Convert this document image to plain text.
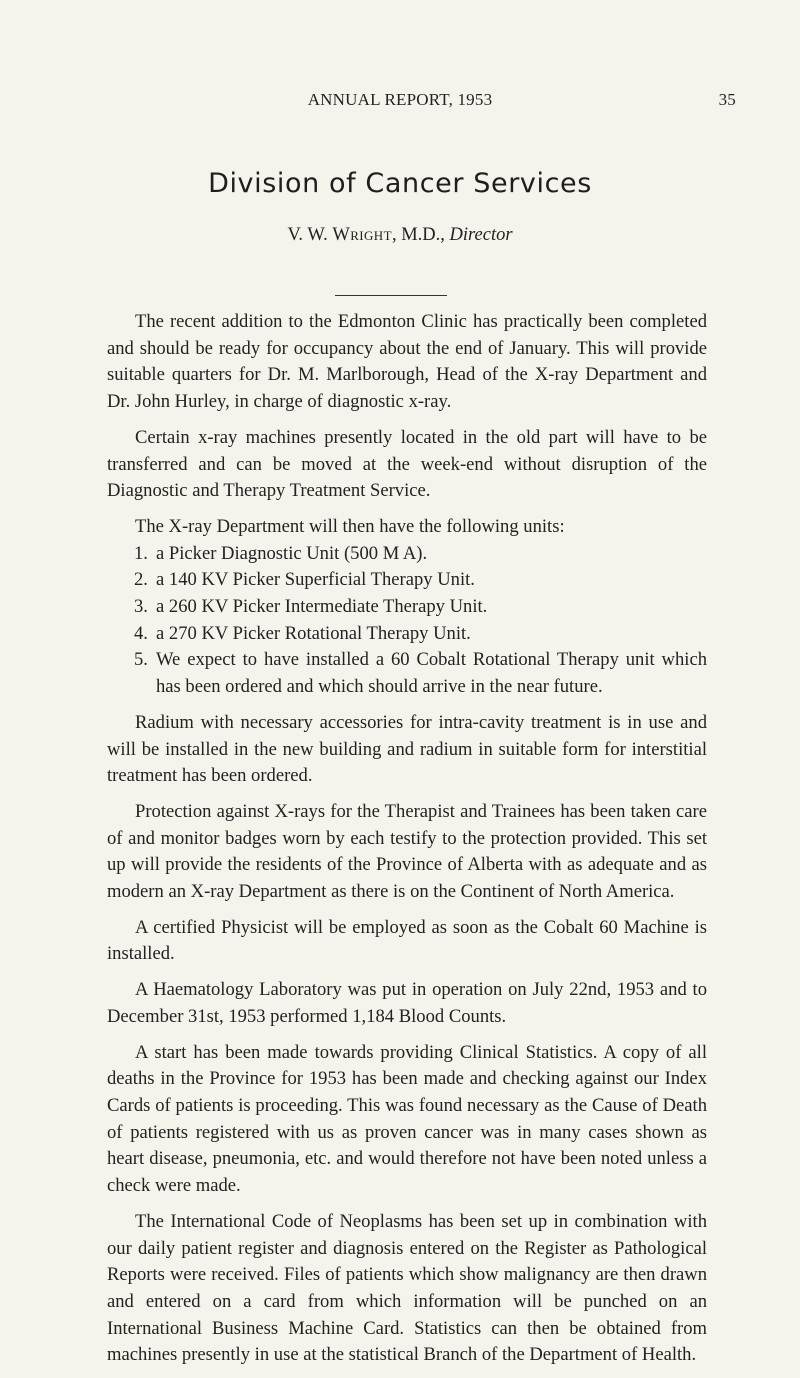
ANNUAL REPORT, 1953	35
Division of Cancer Services
V. W. Wright, M.D., Director

The recent addition to the Edmonton Clinic has practically been completed and should be ready for occupancy about the end of January. This will provide suitable quarters for Dr. M. Marlborough, Head of the X-ray Department and Dr. John Hurley, in charge of diagnostic x-ray.

Certain x-ray machines presently located in the old part will have to be transferred and can be moved at the week-end without disruption of the Diagnostic and Therapy Treatment Service.

The X-ray Department will then have the following units:

1. a Picker Diagnostic Unit (500 M A).
2. a 140 KV Picker Superficial Therapy Unit.
3. a 260 KV Picker Intermediate Therapy Unit.
4. a 270 KV Picker Rotational Therapy Unit.
5. We expect to have installed a 60 Cobalt Rotational Therapy unit which has been ordered and which should arrive in the near future.

Radium with necessary accessories for intra-cavity treatment is in use and will be installed in the new building and radium in suitable form for interstitial treatment has been ordered.

Protection against X-rays for the Therapist and Trainees has been taken care of and monitor badges worn by each testify to the protection provided. This set up will provide the residents of the Province of Alberta with as adequate and as modern an X-ray Department as there is on the Continent of North America.

A certified Physicist will be employed as soon as the Cobalt 60 Machine is installed.

A Haematology Laboratory was put in operation on July 22nd, 1953 and to December 31st, 1953 performed 1,184 Blood Counts.

A start has been made towards providing Clinical Statistics. A copy of all deaths in the Province for 1953 has been made and checking against our Index Cards of patients is proceeding. This was found necessary as the Cause of Death of patients registered with us as proven cancer was in many cases shown as heart disease, pneumonia, etc. and would therefore not have been noted unless a check were made.

The International Code of Neoplasms has been set up in combination with our daily patient register and diagnosis entered on the Register as Pathological Reports were received. Files of patients which show malignancy are then drawn and entered on a card from which information will be punched on an International Business Machine Card. Statistics can then be obtained from machines presently in use at the statistical Branch of the Department of Health.
